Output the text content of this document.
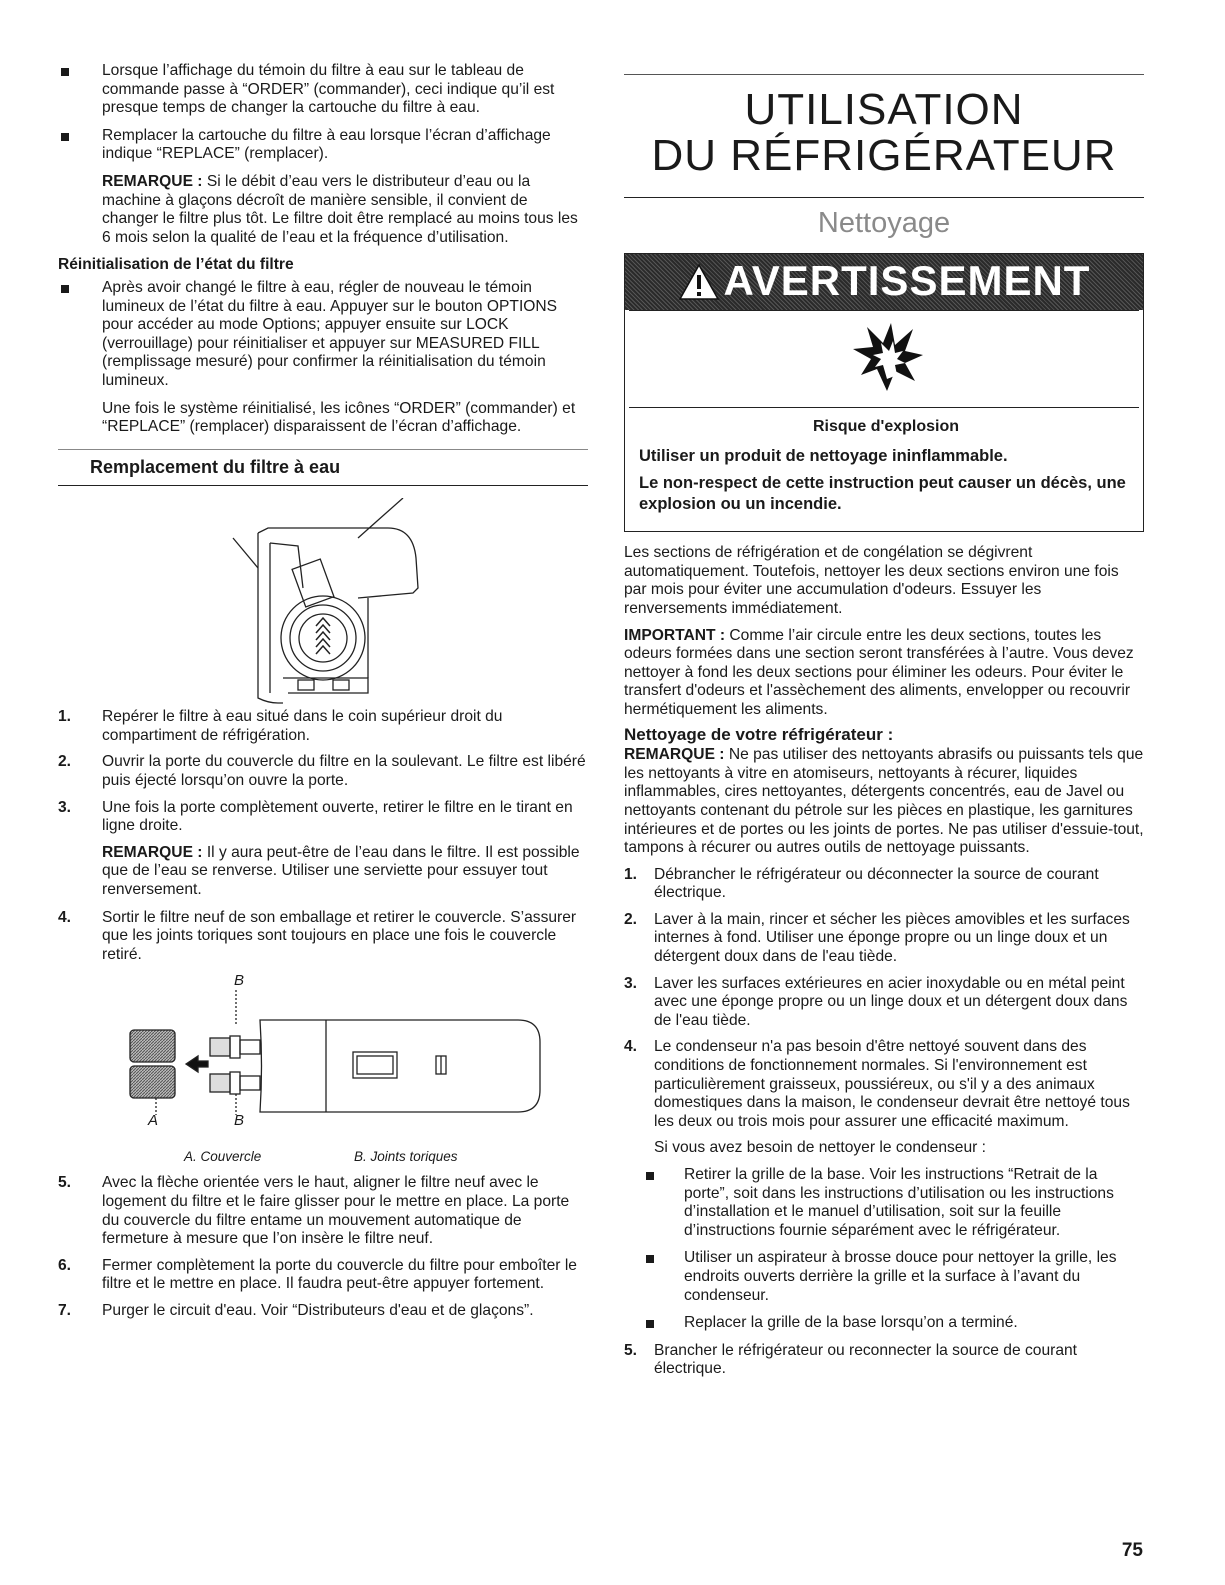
Lorsque l’affichage du témoin du filtre à eau sur le tableau de commande passe à “ORDER” (commander), ceci indique qu’il est presque temps de changer la cartouche du filtre à eau.

Remplacer la cartouche du filtre à eau lorsque l’écran d’affichage indique “REPLACE” (remplacer).

REMARQUE : Si le débit d’eau vers le distributeur d’eau ou la machine à glaçons décroît de manière sensible, il convient de changer le filtre plus tôt. Le filtre doit être remplacé au moins tous les 6 mois selon la qualité de l’eau et la fréquence d’utilisation.

Réinitialisation de l’état du filtre

Après avoir changé le filtre à eau, régler de nouveau le témoin lumineux de l’état du filtre à eau. Appuyer sur le bouton OPTIONS pour accéder au mode Options; appuyer ensuite sur LOCK (verrouillage) pour réinitialiser et appuyer sur MEASURED FILL (remplissage mesuré) pour confirmer la réinitialisation du témoin lumineux.

Une fois le système réinitialisé, les icônes “ORDER” (commander) et “REPLACE” (remplacer) disparaissent de l’écran d’affichage.

Remplacement du filtre à eau

1. Repérer le filtre à eau situé dans le coin supérieur droit du compartiment de réfrigération.

2. Ouvrir la porte du couvercle du filtre en la soulevant. Le filtre est libéré puis éjecté lorsqu’on ouvre la porte.

3. Une fois la porte complètement ouverte, retirer le filtre en le tirant en ligne droite.

REMARQUE : Il y aura peut-être de l’eau dans le filtre. Il est possible que de l’eau se renverse. Utiliser une serviette pour essuyer tout renversement.

4. Sortir le filtre neuf de son emballage et retirer le couvercle. S’assurer que les joints toriques sont toujours en place une fois le couvercle retiré.

B
A	B
A. Couvercle	B. Joints toriques

5. Avec la flèche orientée vers le haut, aligner le filtre neuf avec le logement du filtre et le faire glisser pour le mettre en place. La porte du couvercle du filtre entame un mouvement automatique de fermeture à mesure que l’on insère le filtre neuf.

6. Fermer complètement la porte du couvercle du filtre pour emboîter le filtre et le mettre en place. Il faudra peut-être appuyer fortement.

7. Purger le circuit d'eau. Voir “Distributeurs d'eau et de glaçons”.

UTILISATION
DU RÉFRIGÉRATEUR
Nettoyage
AVERTISSEMENT
Risque d'explosion
Utiliser un produit de nettoyage ininflammable.
Le non-respect de cette instruction peut causer un décès, une explosion ou un incendie.

Les sections de réfrigération et de congélation se dégivrent automatiquement. Toutefois, nettoyer les deux sections environ une fois par mois pour éviter une accumulation d'odeurs. Essuyer les renversements immédiatement.

IMPORTANT : Comme l’air circule entre les deux sections, toutes les odeurs formées dans une section seront transférées à l’autre. Vous devez nettoyer à fond les deux sections pour éliminer les odeurs. Pour éviter le transfert d'odeurs et l'assèchement des aliments, envelopper ou recouvrir hermétiquement les aliments.

Nettoyage de votre réfrigérateur :

REMARQUE : Ne pas utiliser des nettoyants abrasifs ou puissants tels que les nettoyants à vitre en atomiseurs, nettoyants à récurer, liquides inflammables, cires nettoyantes, détergents concentrés, eau de Javel ou nettoyants contenant du pétrole sur les pièces en plastique, les garnitures intérieures et de portes ou les joints de portes. Ne pas utiliser d'essuie-tout, tampons à récurer ou autres outils de nettoyage puissants.

1. Débrancher le réfrigérateur ou déconnecter la source de courant électrique.

2. Laver à la main, rincer et sécher les pièces amovibles et les surfaces internes à fond. Utiliser une éponge propre ou un linge doux et un détergent doux dans de l'eau tiède.

3. Laver les surfaces extérieures en acier inoxydable ou en métal peint avec une éponge propre ou un linge doux et un détergent doux dans de l'eau tiède.

4. Le condenseur n'a pas besoin d'être nettoyé souvent dans des conditions de fonctionnement normales. Si l'environnement est particulièrement graisseux, poussiéreux, ou s'il y a des animaux domestiques dans la maison, le condenseur devrait être nettoyé tous les deux ou trois mois pour assurer une efficacité maximum.

Si vous avez besoin de nettoyer le condenseur :

Retirer la grille de la base. Voir les instructions “Retrait de la porte”, soit dans les instructions d’utilisation ou les instructions d’installation et le manuel d’utilisation, soit sur la feuille d’instructions fournie séparément avec le réfrigérateur.

Utiliser un aspirateur à brosse douce pour nettoyer la grille, les endroits ouverts derrière la grille et la surface à l’avant du condenseur.

Replacer la grille de la base lorsqu’on a terminé.

5. Brancher le réfrigérateur ou reconnecter la source de courant électrique.

75
